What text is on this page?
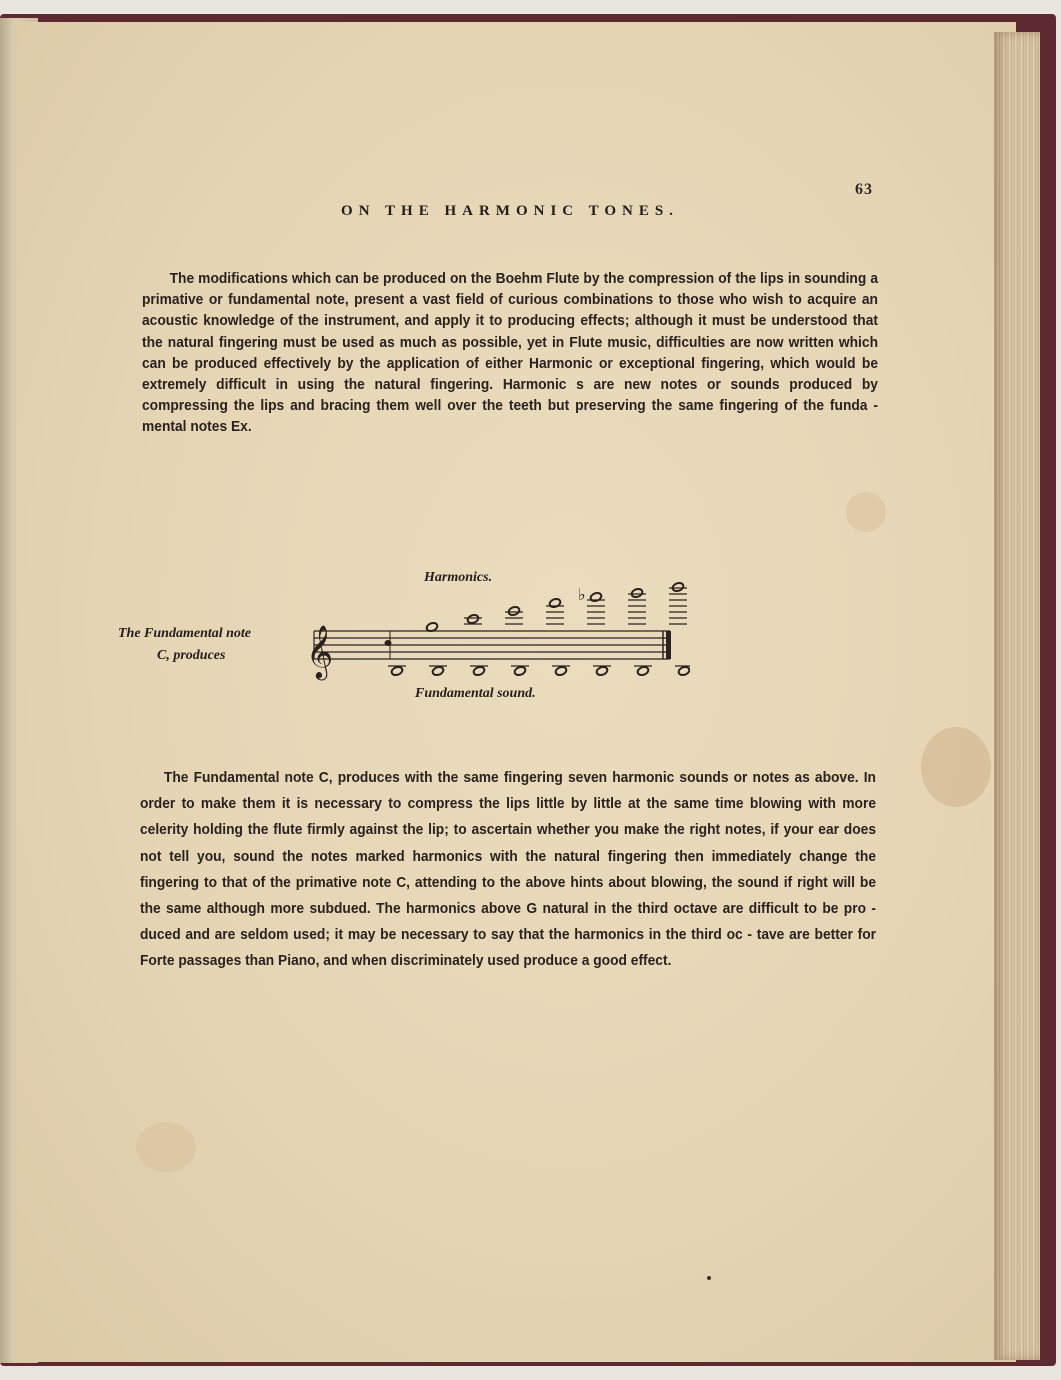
63
ON THE HARMONIC TONES.

The modifications which can be produced on the Boehm Flute by the compression of the lips in sounding a primative or fundamental note, present a vast field of curious combinations to those who wish to acquire an acoustic knowledge of the instrument, and apply it to producing effects; although it must be understood that the natural fingering must be used as much as possible, yet in Flute music, difficulties are now written which can be produced effectively by the application of either Harmonic or exceptional fingering, which would be extremely difficult in using the natural fingering. Harmonic s are new notes or sounds produced by compressing the lips and bracing them well over the teeth but preserving the same fingering of the funda - mental notes Ex.

The Fundamental note
C, produces
Harmonics.
Fundamental sound.
𝄞
♭

The Fundamental note C, produces with the same fingering seven harmonic sounds or notes as above. In order to make them it is necessary to compress the lips little by little at the same time blowing with more celerity holding the flute firmly against the lip; to ascertain whether you make the right notes, if your ear does not tell you, sound the notes marked harmonics with the natural fingering then immediately change the fingering to that of the primative note C, attending to the above hints about blowing, the sound if right will be the same although more subdued. The harmonics above G natural in the third octave are difficult to be pro - duced and are seldom used; it may be necessary to say that the harmonics in the third oc - tave are better for Forte passages than Piano, and when discriminately used produce a good effect.
